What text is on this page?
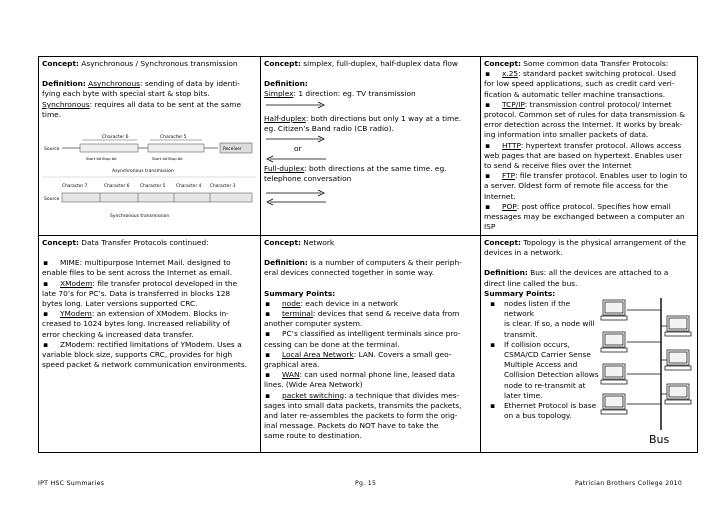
Concept: Asynchronous / Synchronous transmission
Definition: Asynchronous: sending of data by identi-
fying each byte with special start & stop bits.
Synchronous: requires all data to be sent at the same
time.
Character 6	Character 5
Source	Receiver
Start bit Stop bit	Start bit Stop bit
Asynchronous transmission
Character 7	Character 6 Character 5 Character 4 Character 3
Source
Synchronous transmission
Concept: simplex, full-duplex, half-duplex data flow
Definition:
Simplex: 1 direction: eg. TV transmission
Half-duplex: both directions but only 1 way at a time.
eg. Citizen’s Band radio (CB radio).
or
Full-duplex: both directions at the same time. eg.
telephone conversation
Concept: Some common data Transfer Protocols:
▪ x.25: standard packet switching protocol. Used
for low speed applications, such as credit card veri-
fication & automatic teller machine transactions.
▪ TCP/IP: transmission control protocol/ Internet
protocol. Common set of rules for data transmission &
error detection across the Internet. It works by break-
ing information into smaller packets of data.
▪ HTTP: hypertext transfer protocol. Allows access
web pages that are based on hypertext. Enables user
to send & receive files over the Internet
▪ FTP: file transfer protocol. Enables user to login to
a server. Oldest form of remote file access for the
Internet.
▪ POP: post office protocol. Specifies how email
messages may be exchanged between a computer an
ISP
Concept: Data Transfer Protocols continued:
▪ MIME: multipurpose Internet Mail. designed to
enable files to be sent across the Internet as email.
▪ XModem: file transfer protocol developed in the
late 70’s for PC’s. Data is transferred in blocks 128
bytes long. Later versions supported CRC.
▪ YModem: an extension of XModem. Blocks in-
creased to 1024 bytes long. Increased reliability of
error checking & increased data transfer.
▪ ZModem: rectified limitations of YModem. Uses a
variable block size, supports CRC, provides for high
speed packet & network communication environments.
Concept: Network
Definition: is a number of computers & their periph-
eral devices connected together in some way.
Summary Points:
▪ node: each device in a network
▪ terminal: devices that send & receive data from
another computer system.
▪ PC’s classified as intelligent terminals since pro-
cessing can be done at the terminal.
▪ Local Area Network: LAN. Covers a small geo-
graphical area.
▪ WAN: can used normal phone line, leased data
lines. (Wide Area Network)
▪ packet switching: a technique that divides mes-
sages into small data packets, transmits the packets,
and later re-assembles the packets to form the orig-
inal message. Packets do NOT have to take the
same route to destination.
Concept: Topology is the physical arrangement of the
devices in a network.
Definition: Bus: all the devices are attached to a
direct line called the bus.
Summary Points:
▪ nodes listen if the network
is clear. If so, a node will
transmit.
▪ If collision occurs,
CSMA/CD Carrier Sense
Multiple Access and
Collision Detection allows
node to re-transmit at
later time.
▪ Ethernet Protocol is base
on a bus topology.
Bus
IPT HSC Summaries	Pg. 15	Patrician Brothers College 2010
